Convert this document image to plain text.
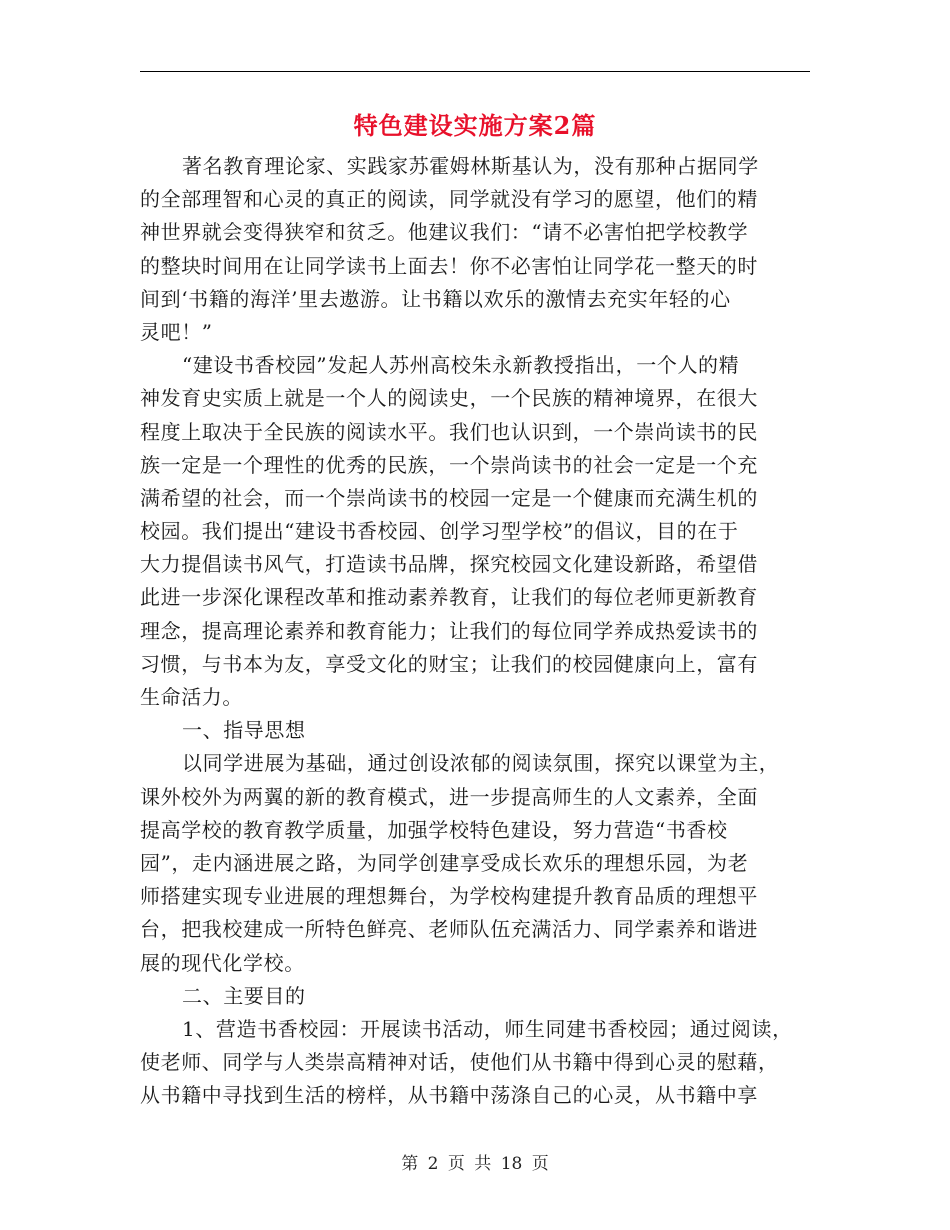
特色建设实施方案2篇
著名教育理论家、实践家苏霍姆林斯基认为，没有那种占据同学
的全部理智和心灵的真正的阅读，同学就没有学习的愿望，他们的精
神世界就会变得狭窄和贫乏。他建议我们：“请不必害怕把学校教学
的整块时间用在让同学读书上面去！你不必害怕让同学花一整天的时
间到‘书籍的海洋’里去遨游。让书籍以欢乐的激情去充实年轻的心
灵吧！”
“建设书香校园”发起人苏州高校朱永新教授指出，一个人的精
神发育史实质上就是一个人的阅读史，一个民族的精神境界，在很大
程度上取决于全民族的阅读水平。我们也认识到，一个崇尚读书的民
族一定是一个理性的优秀的民族，一个崇尚读书的社会一定是一个充
满希望的社会，而一个崇尚读书的校园一定是一个健康而充满生机的
校园。我们提出“建设书香校园、创学习型学校”的倡议，目的在于
大力提倡读书风气，打造读书品牌，探究校园文化建设新路，希望借
此进一步深化课程改革和推动素养教育，让我们的每位老师更新教育
理念，提高理论素养和教育能力；让我们的每位同学养成热爱读书的
习惯，与书本为友，享受文化的财宝；让我们的校园健康向上，富有
生命活力。
一、指导思想
以同学进展为基础，通过创设浓郁的阅读氛围，探究以课堂为主，
课外校外为两翼的新的教育模式，进一步提高师生的人文素养，全面
提高学校的教育教学质量，加强学校特色建设，努力营造“书香校
园”，走内涵进展之路，为同学创建享受成长欢乐的理想乐园，为老
师搭建实现专业进展的理想舞台，为学校构建提升教育品质的理想平
台，把我校建成一所特色鲜亮、老师队伍充满活力、同学素养和谐进
展的现代化学校。
二、主要目的
1、营造书香校园：开展读书活动，师生同建书香校园；通过阅读，
使老师、同学与人类崇高精神对话，使他们从书籍中得到心灵的慰藉，
从书籍中寻找到生活的榜样，从书籍中荡涤自己的心灵，从书籍中享
第 2 页 共 18 页
